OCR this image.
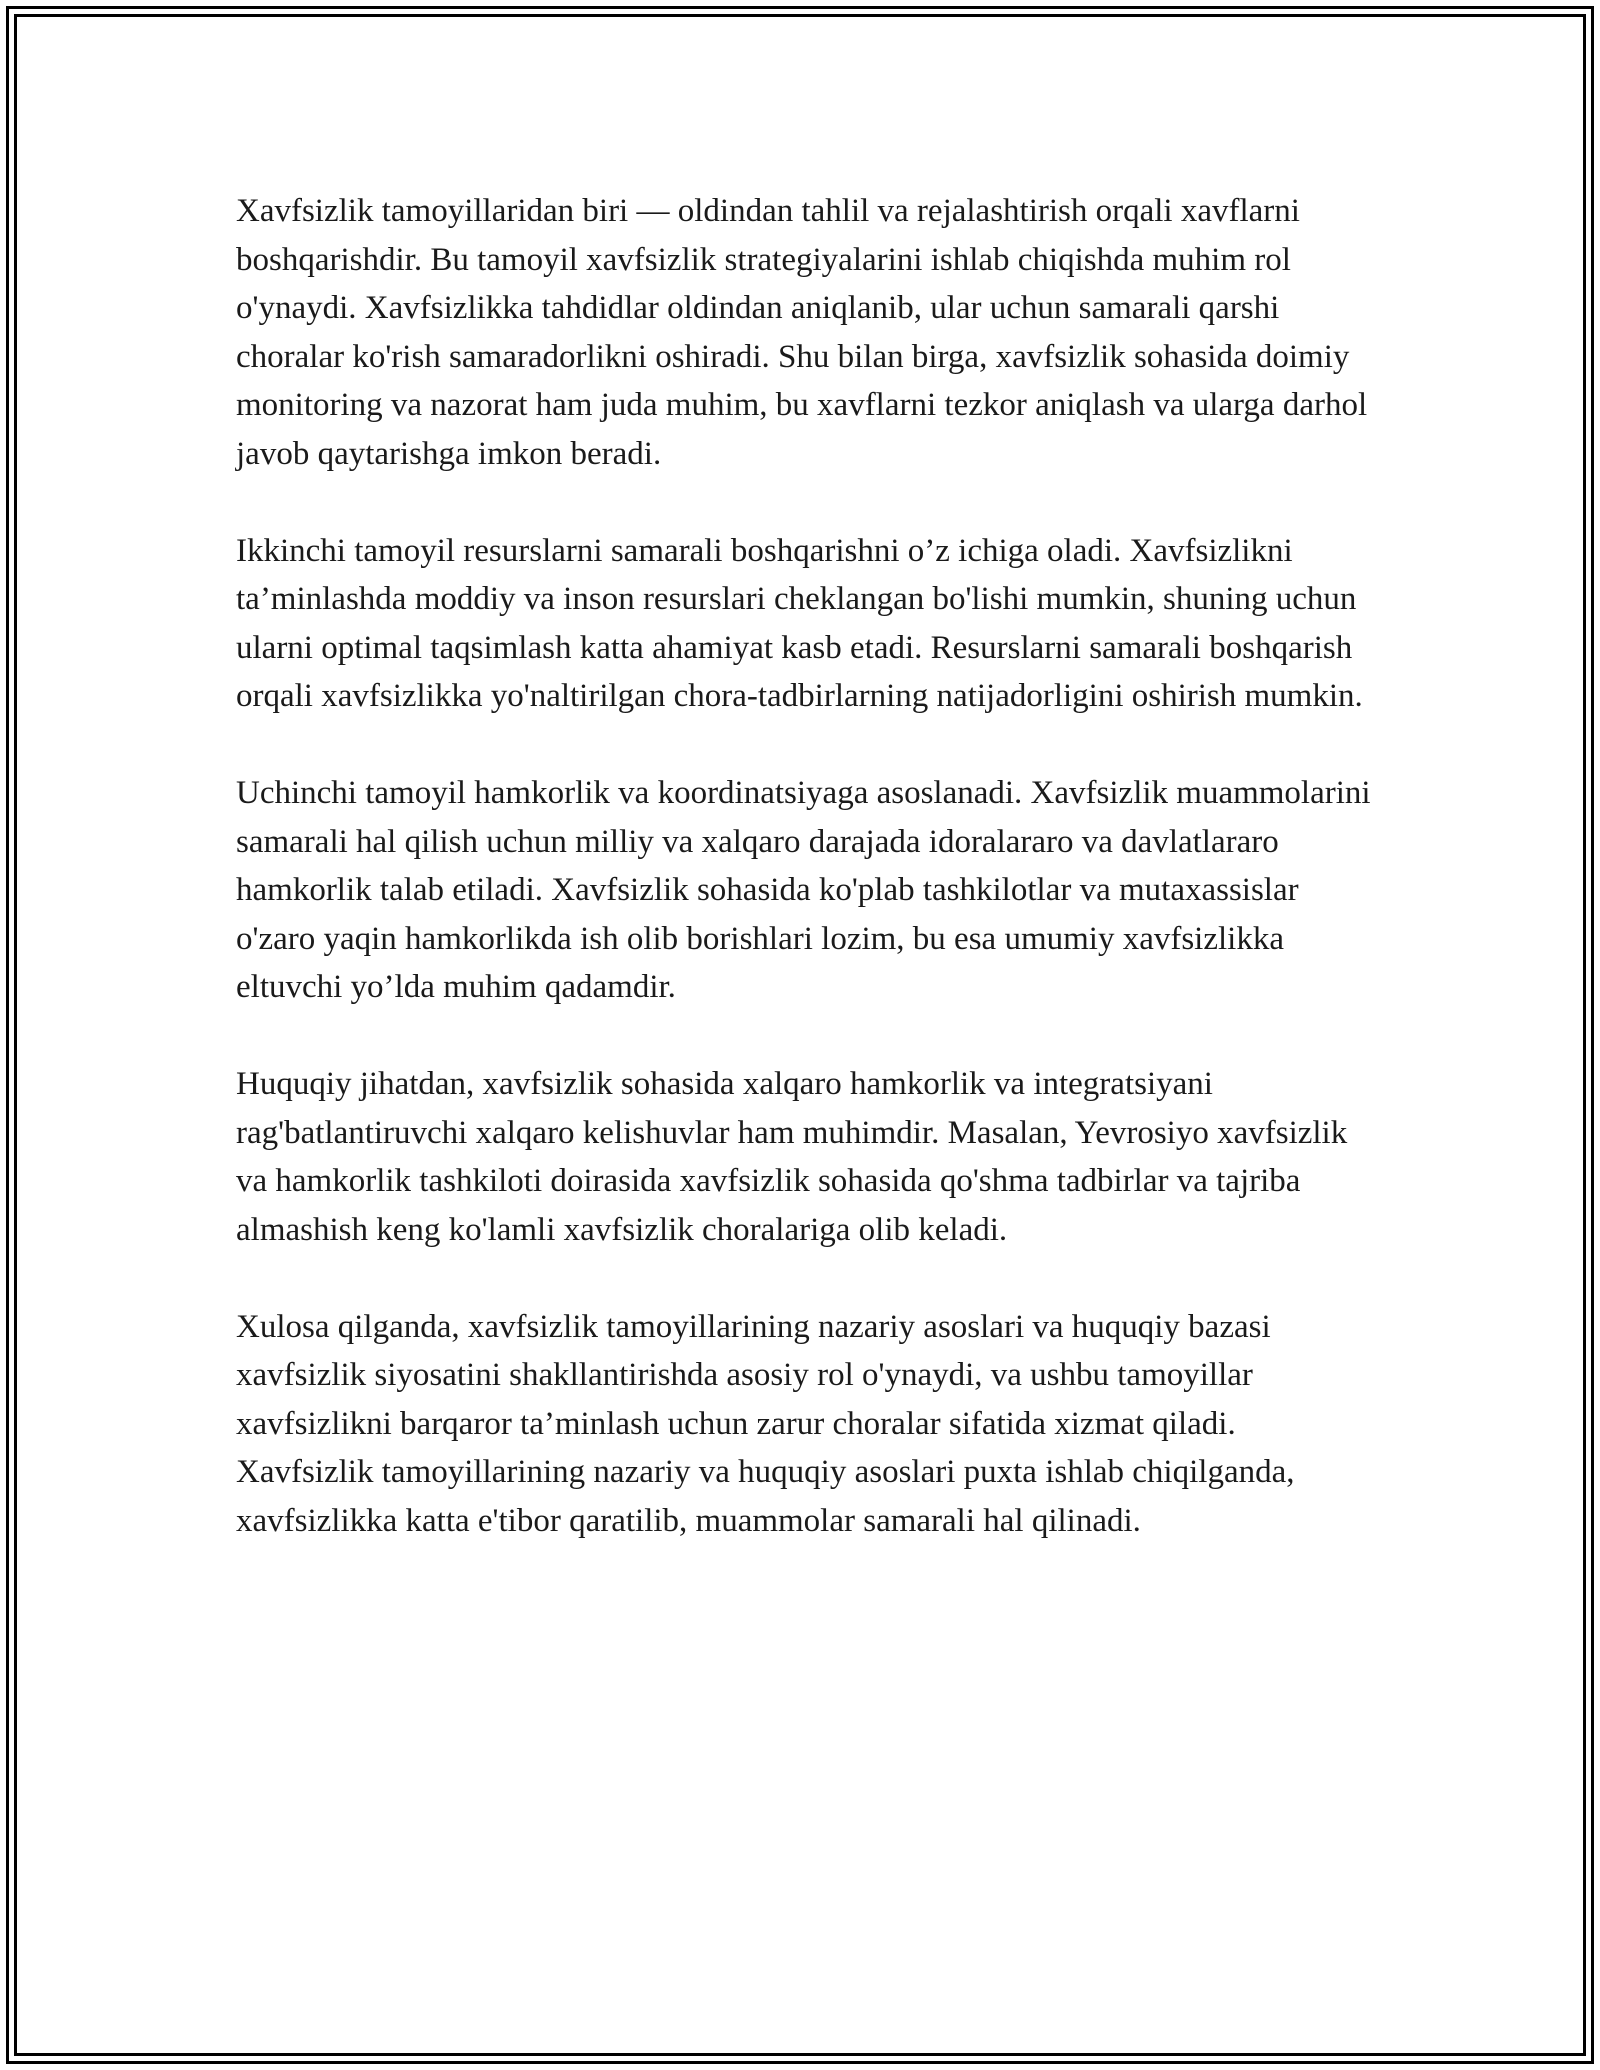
Xavfsizlik tamoyillaridan biri — oldindan tahlil va rejalashtirish orqali xavflarni boshqarishdir. Bu tamoyil xavfsizlik strategiyalarini ishlab chiqishda muhim rol o'ynaydi. Xavfsizlikka tahdidlar oldindan aniqlanib, ular uchun samarali qarshi choralar ko'rish samaradorlikni oshiradi. Shu bilan birga, xavfsizlik sohasida doimiy monitoring va nazorat ham juda muhim, bu xavflarni tezkor aniqlash va ularga darhol javob qaytarishga imkon beradi.

Ikkinchi tamoyil resurslarni samarali boshqarishni o’z ichiga oladi. Xavfsizlikni ta’minlashda moddiy va inson resurslari cheklangan bo'lishi mumkin, shuning uchun ularni optimal taqsimlash katta ahamiyat kasb etadi. Resurslarni samarali boshqarish orqali xavfsizlikka yo'naltirilgan chora-tadbirlarning natijadorligini oshirish mumkin.

Uchinchi tamoyil hamkorlik va koordinatsiyaga asoslanadi. Xavfsizlik muammolarini samarali hal qilish uchun milliy va xalqaro darajada idoralararo va davlatlararo hamkorlik talab etiladi. Xavfsizlik sohasida ko'plab tashkilotlar va mutaxassislar o'zaro yaqin hamkorlikda ish olib borishlari lozim, bu esa umumiy xavfsizlikka eltuvchi yo’lda muhim qadamdir.

Huquqiy jihatdan, xavfsizlik sohasida xalqaro hamkorlik va integratsiyani rag'batlantiruvchi xalqaro kelishuvlar ham muhimdir. Masalan, Yevrosiyo xavfsizlik va hamkorlik tashkiloti doirasida xavfsizlik sohasida qo'shma tadbirlar va tajriba almashish keng ko'lamli xavfsizlik choralariga olib keladi.

Xulosa qilganda, xavfsizlik tamoyillarining nazariy asoslari va huquqiy bazasi xavfsizlik siyosatini shakllantirishda asosiy rol o'ynaydi, va ushbu tamoyillar xavfsizlikni barqaror ta’minlash uchun zarur choralar sifatida xizmat qiladi. Xavfsizlik tamoyillarining nazariy va huquqiy asoslari puxta ishlab chiqilganda, xavfsizlikka katta e'tibor qaratilib, muammolar samarali hal qilinadi.
